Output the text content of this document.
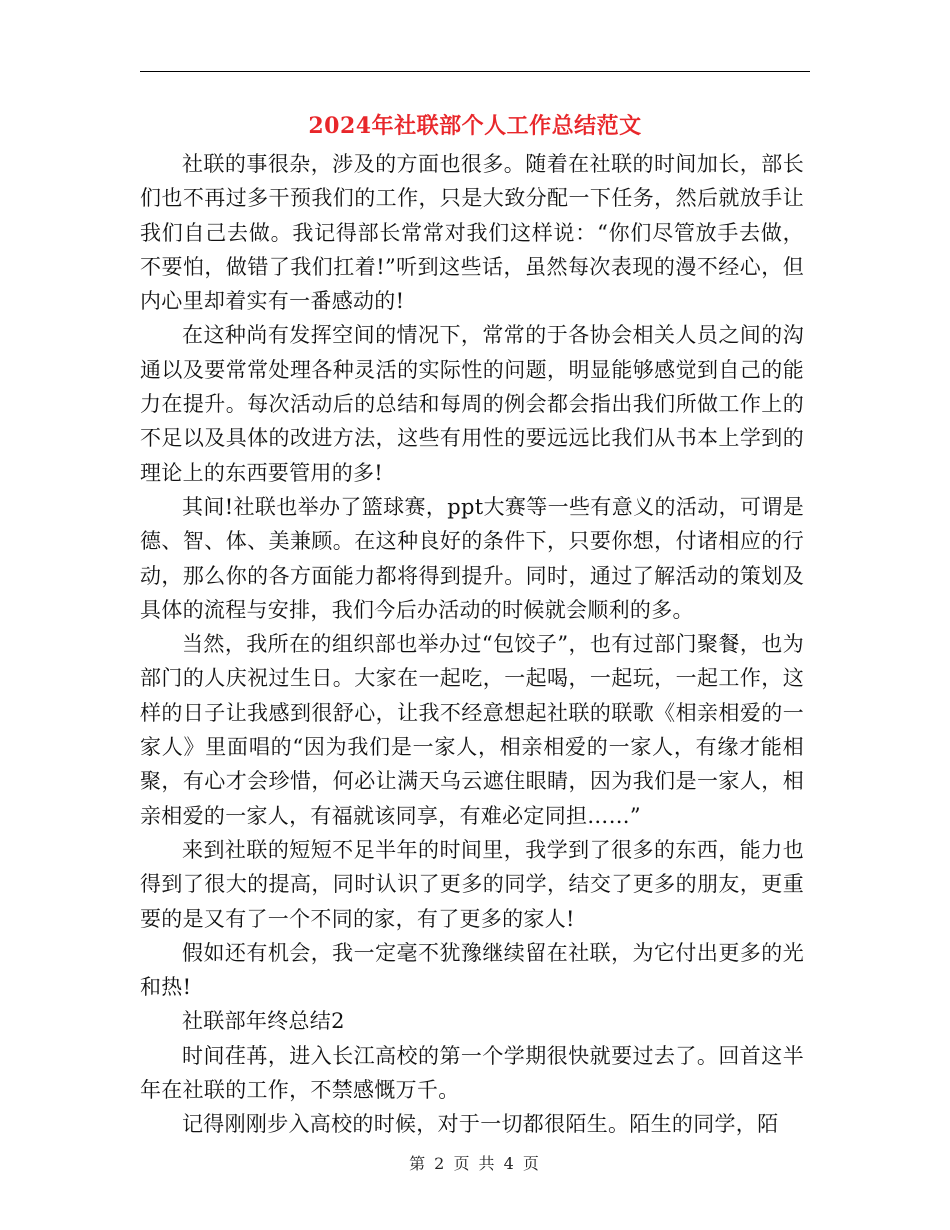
2024年社联部个人工作总结范文

社联的事很杂，涉及的方面也很多。随着在社联的时间加长，部长们也不再过多干预我们的工作，只是大致分配一下任务，然后就放手让我们自己去做。我记得部长常常对我们这样说：“你们尽管放手去做，不要怕，做错了我们扛着!”听到这些话，虽然每次表现的漫不经心，但内心里却着实有一番感动的!

在这种尚有发挥空间的情况下，常常的于各协会相关人员之间的沟通以及要常常处理各种灵活的实际性的问题，明显能够感觉到自己的能力在提升。每次活动后的总结和每周的例会都会指出我们所做工作上的不足以及具体的改进方法，这些有用性的要远远比我们从书本上学到的理论上的东西要管用的多!

其间!社联也举办了篮球赛，ppt大赛等一些有意义的活动，可谓是德、智、体、美兼顾。在这种良好的条件下，只要你想，付诸相应的行动，那么你的各方面能力都将得到提升。同时，通过了解活动的策划及具体的流程与安排，我们今后办活动的时候就会顺利的多。

当然，我所在的组织部也举办过“包饺子”，也有过部门聚餐，也为部门的人庆祝过生日。大家在一起吃，一起喝，一起玩，一起工作，这样的日子让我感到很舒心，让我不经意想起社联的联歌《相亲相爱的一家人》里面唱的“因为我们是一家人，相亲相爱的一家人，有缘才能相聚，有心才会珍惜，何必让满天乌云遮住眼睛，因为我们是一家人，相亲相爱的一家人，有福就该同享，有难必定同担……”

来到社联的短短不足半年的时间里，我学到了很多的东西，能力也得到了很大的提高，同时认识了更多的同学，结交了更多的朋友，更重要的是又有了一个不同的家，有了更多的家人!

假如还有机会，我一定毫不犹豫继续留在社联，为它付出更多的光和热!

社联部年终总结2

时间荏苒，进入长江高校的第一个学期很快就要过去了。回首这半年在社联的工作，不禁感慨万千。

记得刚刚步入高校的时候，对于一切都很陌生。陌生的同学，陌

第 2 页 共 4 页
